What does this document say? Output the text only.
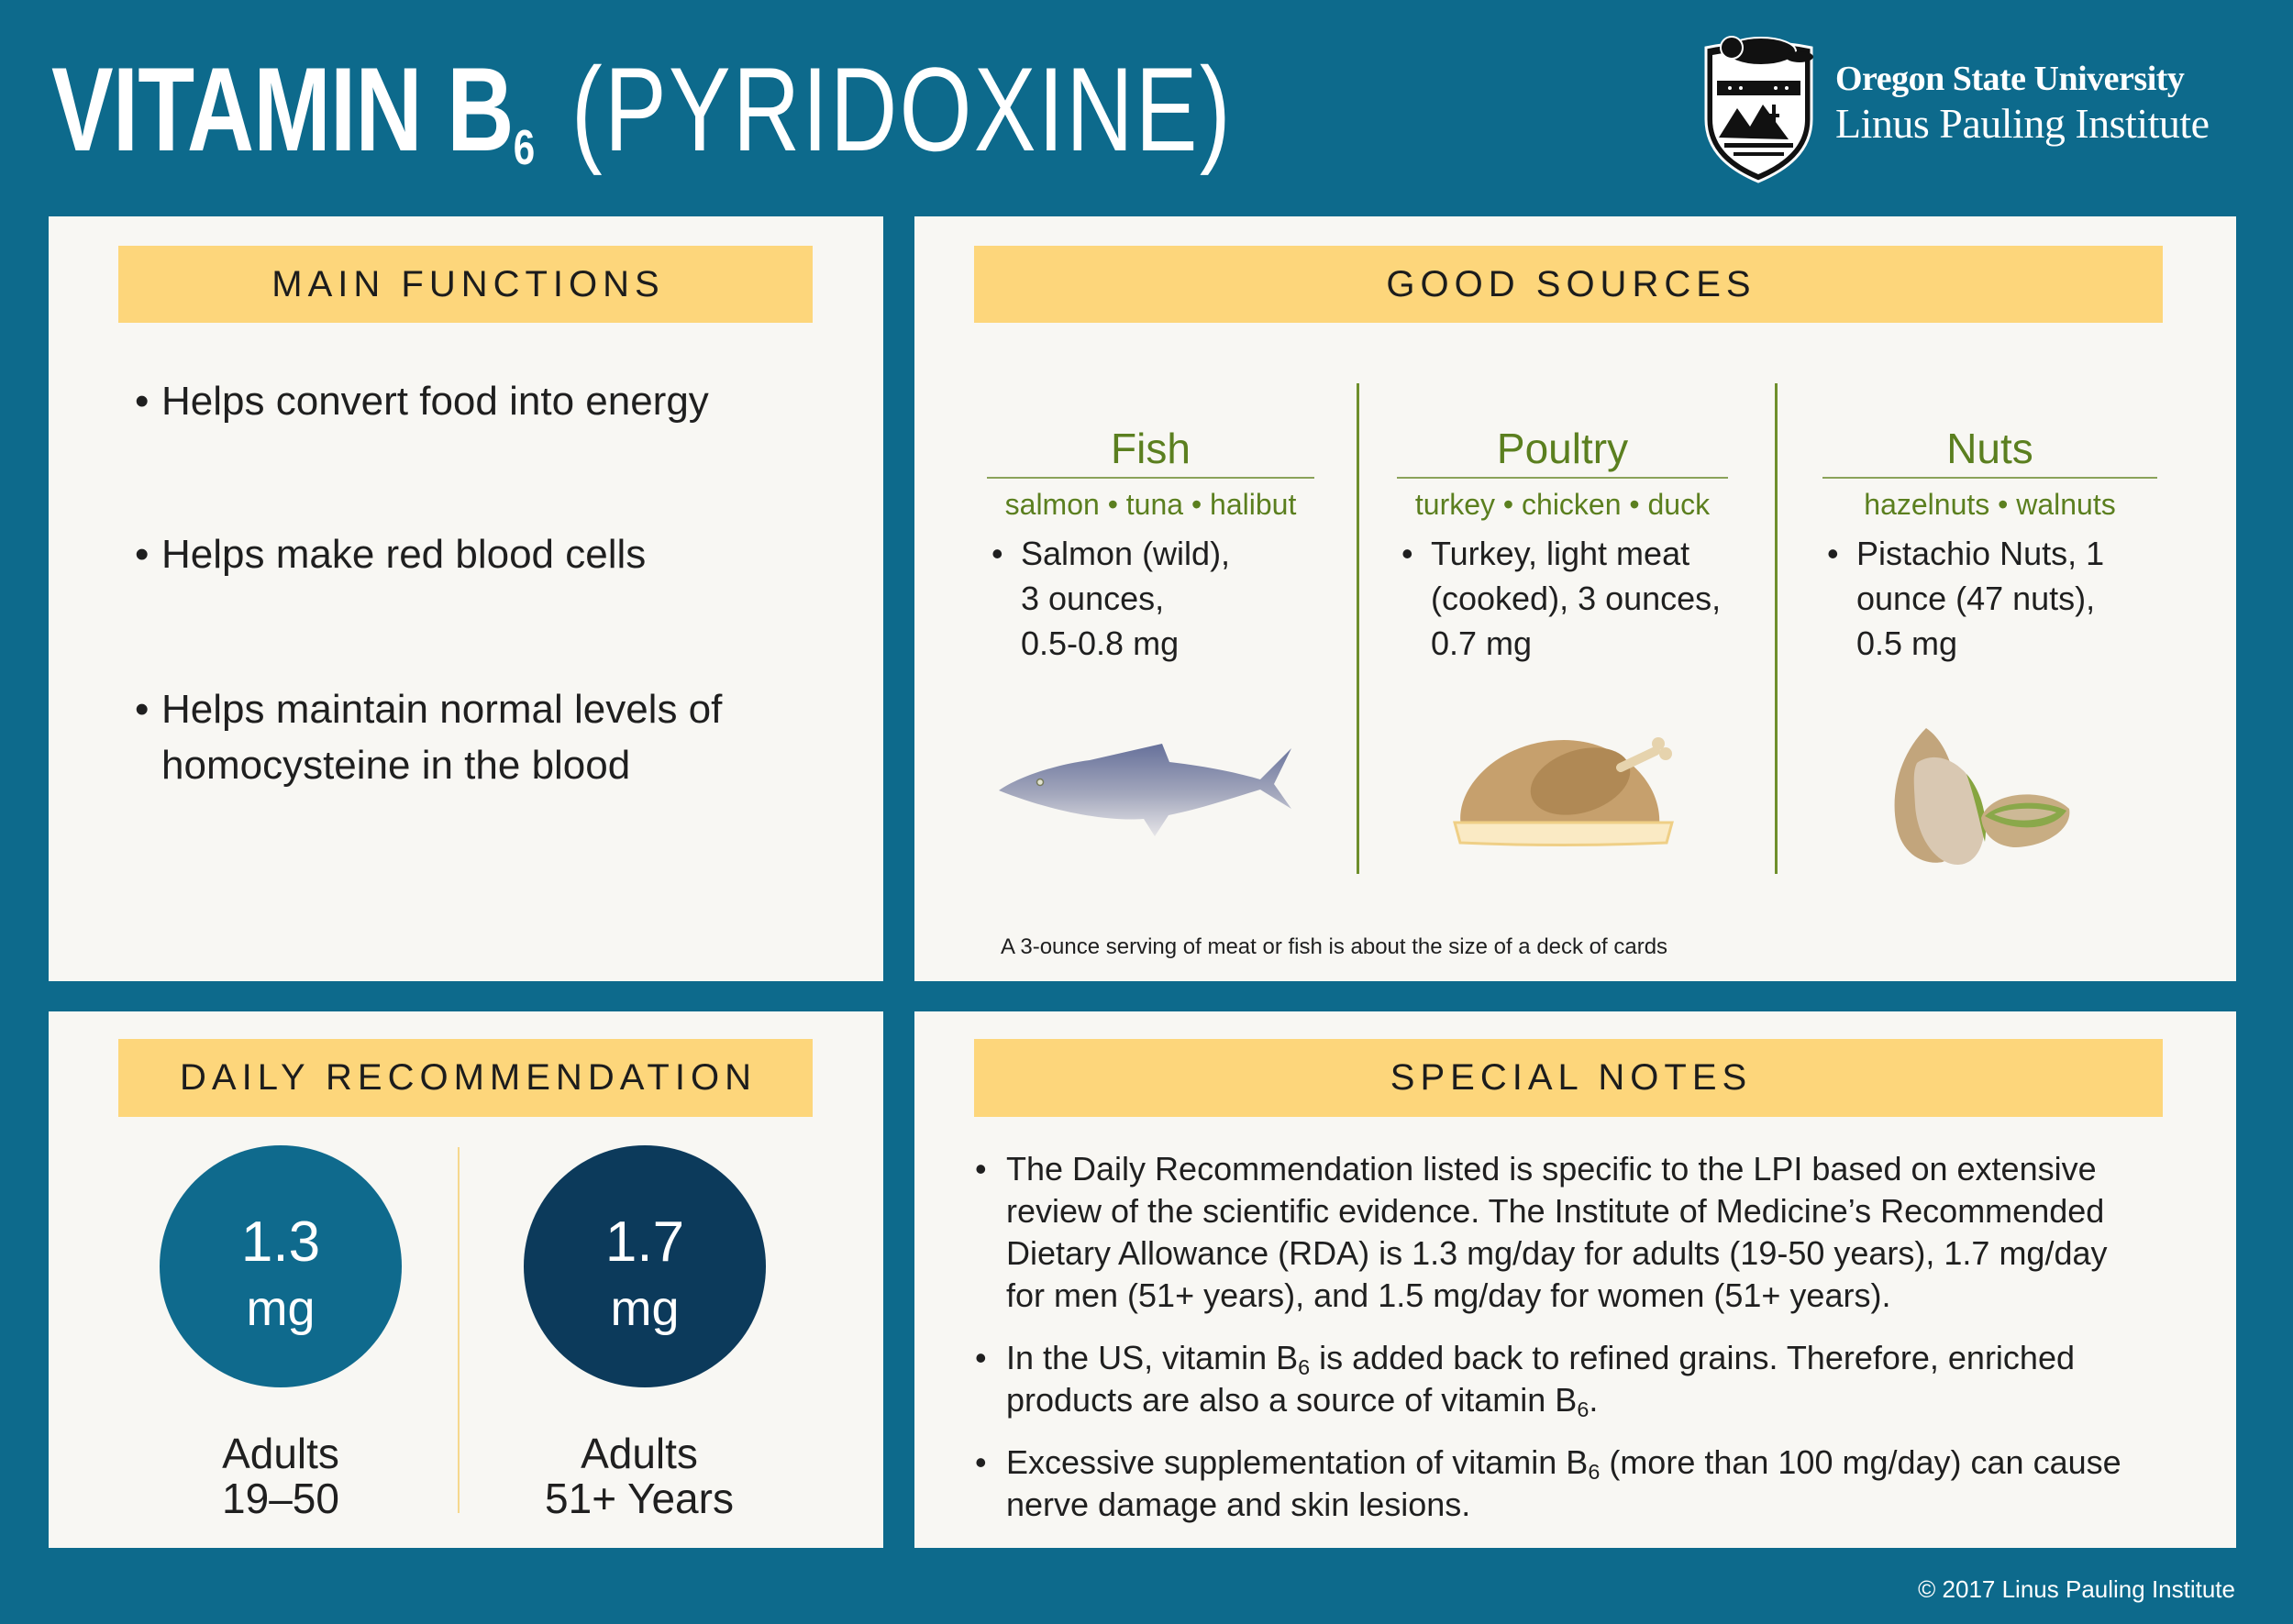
VITAMIN B6 (PYRIDOXINE)	Oregon State University
Linus Pauling Institute
MAIN FUNCTIONS
• Helps convert food into energy
• Helps make red blood cells
• Helps maintain normal levels of homocysteine in the blood
GOOD SOURCES
Fish
salmon • tuna • halibut
• Salmon (wild),
3 ounces,
0.5-0.8 mg
Poultry
turkey • chicken • duck
• Turkey, light meat
(cooked), 3 ounces,
0.7 mg
Nuts
hazelnuts • walnuts
• Pistachio Nuts, 1
ounce (47 nuts),
0.5 mg
A 3-ounce serving of meat or fish is about the size of a deck of cards
DAILY RECOMMENDATION
1.3
mg
Adults
19–50
1.7
mg
Adults
51+ Years
SPECIAL NOTES
• The Daily Recommendation listed is specific to the LPI based on extensive review of the scientific evidence. The Institute of Medicine’s Recommended Dietary Allowance (RDA) is 1.3 mg/day for adults (19-50 years), 1.7 mg/day for men (51+ years), and 1.5 mg/day for women (51+ years).
• In the US, vitamin B6 is added back to refined grains. Therefore, enriched products are also a source of vitamin B6.
• Excessive supplementation of vitamin B6 (more than 100 mg/day) can cause nerve damage and skin lesions.
© 2017 Linus Pauling Institute
